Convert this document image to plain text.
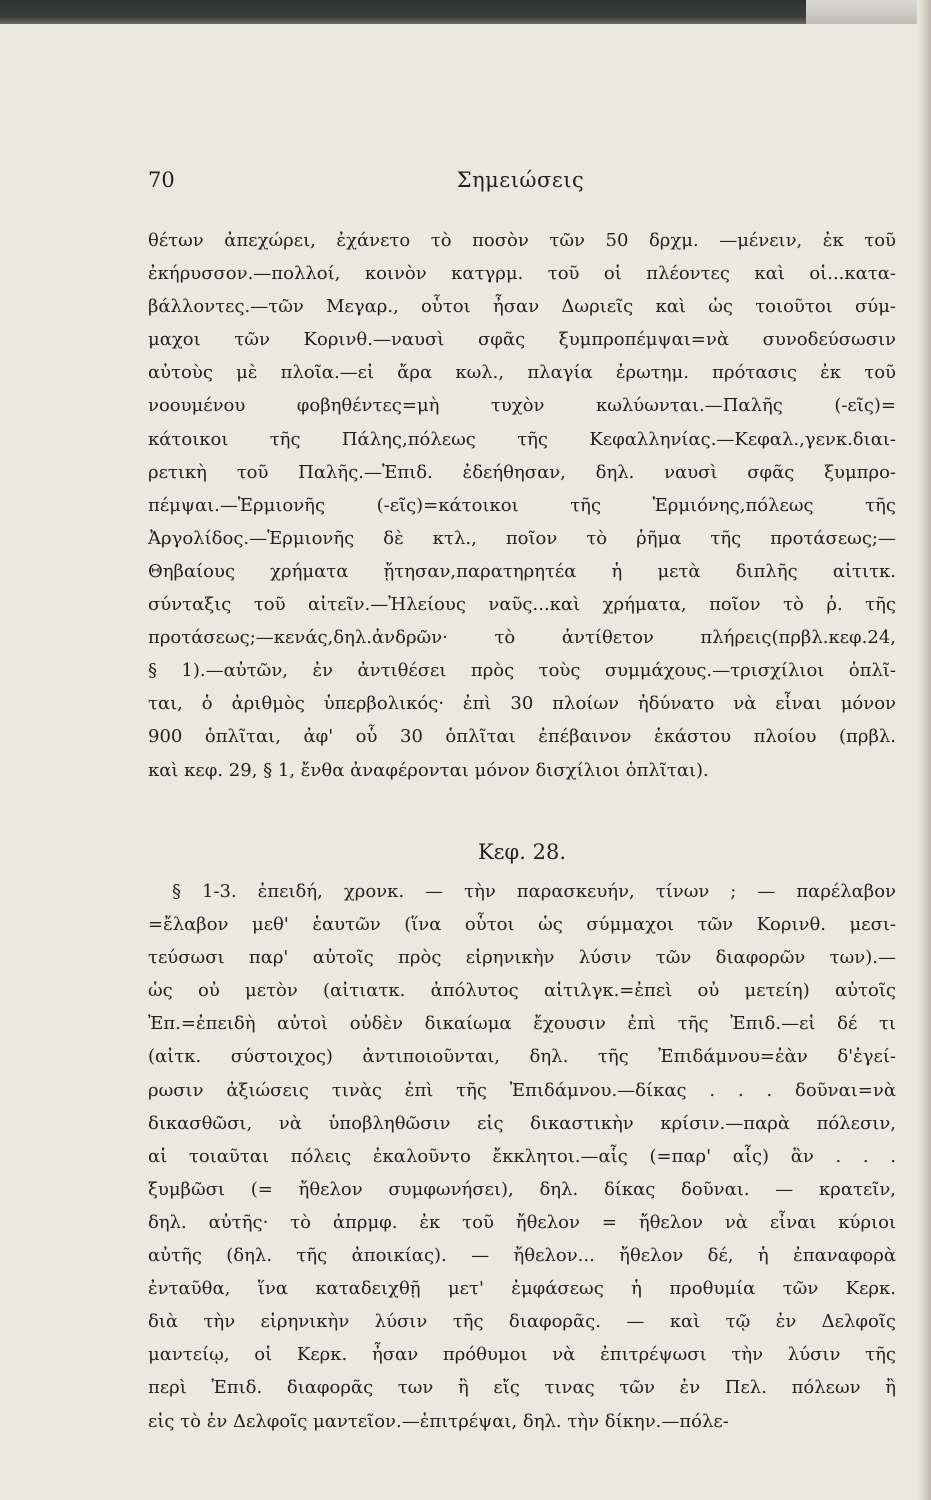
70	Σημειώσεις
θέτων ἀπεχώρει, ἐχάνετο τὸ ποσὸν τῶν 50 δρχμ. —μένειν, ἐκ τοῦ
ἐκήρυσσον.—πολλοί, κοινὸν κατγρμ. τοῦ οἱ πλέοντες καὶ οἱ...κατα-
βάλλοντες.—τῶν Μεγαρ., οὗτοι ἦσαν Δωριεῖς καὶ ὡς τοιοῦτοι σύμ-
μαχοι τῶν Κορινθ.—ναυσὶ σφᾶς ξυμπροπέμψαι=νὰ συνοδεύσωσιν
αὐτοὺς μὲ πλοῖα.—εἰ ἄρα κωλ., πλαγία ἐρωτημ. πρότασις ἐκ τοῦ
νοουμένου φοβηθέντες=μὴ τυχὸν κωλύωνται.—Παλῆς (-εῖς)=
κάτοικοι τῆς Πάλης,πόλεως τῆς Κεφαλληνίας.—Κεφαλ.,γενκ.διαι-
ρετικὴ τοῦ Παλῆς.—Ἐπιδ. ἐδεήθησαν, δηλ. ναυσὶ σφᾶς ξυμπρο-
πέμψαι.—Ἑρμιονῆς (-εῖς)=κάτοικοι τῆς Ἑρμιόνης,πόλεως τῆς
Ἀργολίδος.—Ἑρμιονῆς δὲ κτλ., ποῖον τὸ ῥῆμα τῆς προτάσεως;—
Θηβαίους χρήματα ᾔτησαν,παρατηρητέα ἡ μετὰ διπλῆς αἰτιτκ.
σύνταξις τοῦ αἰτεῖν.—Ἠλείους ναῦς...καὶ χρήματα, ποῖον τὸ ῥ. τῆς
προτάσεως;—κενάς,δηλ.ἀνδρῶν· τὸ ἀντίθετον πλήρεις(πρβλ.κεφ.24,
§ 1).—αὐτῶν, ἐν ἀντιθέσει πρὸς τοὺς συμμάχους.—τρισχίλιοι ὁπλῖ-
ται, ὁ ἀριθμὸς ὑπερβολικός· ἐπὶ 30 πλοίων ἠδύνατο νὰ εἶναι μόνον
900 ὁπλῖται, ἀφ' οὗ 30 ὁπλῖται ἐπέβαινον ἑκάστου πλοίου (πρβλ.
καὶ κεφ. 29, § 1, ἔνθα ἀναφέρονται μόνον δισχίλιοι ὁπλῖται).
Κεφ. 28.
§ 1-3. ἐπειδή, χρονκ. — τὴν παρασκευήν, τίνων ; — παρέλαβον
=ἔλαβον μεθ' ἑαυτῶν (ἵνα οὗτοι ὡς σύμμαχοι τῶν Κορινθ. μεσι-
τεύσωσι παρ' αὐτοῖς πρὸς εἰρηνικὴν λύσιν τῶν διαφορῶν των).—
ὡς οὐ μετὸν (αἰτιατκ. ἀπόλυτος αἰτιλγκ.=ἐπεὶ οὐ μετείη) αὐτοῖς
Ἐπ.=ἐπειδὴ αὐτοὶ οὐδὲν δικαίωμα ἔχουσιν ἐπὶ τῆς Ἐπιδ.—εἰ δέ τι
(αἰτκ. σύστοιχος) ἀντιποιοῦνται, δηλ. τῆς Ἐπιδάμνου=ἐὰν δ'ἐγεί-
ρωσιν ἀξιώσεις τινὰς ἐπὶ τῆς Ἐπιδάμνου.—δίκας . . . δοῦναι=νὰ
δικασθῶσι, νὰ ὑποβληθῶσιν εἰς δικαστικὴν κρίσιν.—παρὰ πόλεσιν,
αἱ τοιαῦται πόλεις ἐκαλοῦντο ἔκκλητοι.—αἷς (=παρ' αἷς) ἂν . . .
ξυμβῶσι (= ἤθελον συμφωνήσει), δηλ. δίκας δοῦναι. — κρατεῖν,
δηλ. αὐτῆς· τὸ ἀπρμφ. ἐκ τοῦ ἤθελον = ἤθελον νὰ εἶναι κύριοι
αὐτῆς (δηλ. τῆς ἀποικίας). — ἤθελον... ἤθελον δέ, ἡ ἐπαναφορὰ
ἐνταῦθα, ἵνα καταδειχθῇ μετ' ἐμφάσεως ἡ προθυμία τῶν Κερκ.
διὰ τὴν εἰρηνικὴν λύσιν τῆς διαφορᾶς. — καὶ τῷ ἐν Δελφοῖς
μαντείῳ, οἱ Κερκ. ἦσαν πρόθυμοι νὰ ἐπιτρέψωσι τὴν λύσιν τῆς
περὶ Ἐπιδ. διαφορᾶς των ἢ εἴς τινας τῶν ἐν Πελ. πόλεων ἢ
εἰς τὸ ἐν Δελφοῖς μαντεῖον.—ἐπιτρέψαι, δηλ. τὴν δίκην.—πόλε-
